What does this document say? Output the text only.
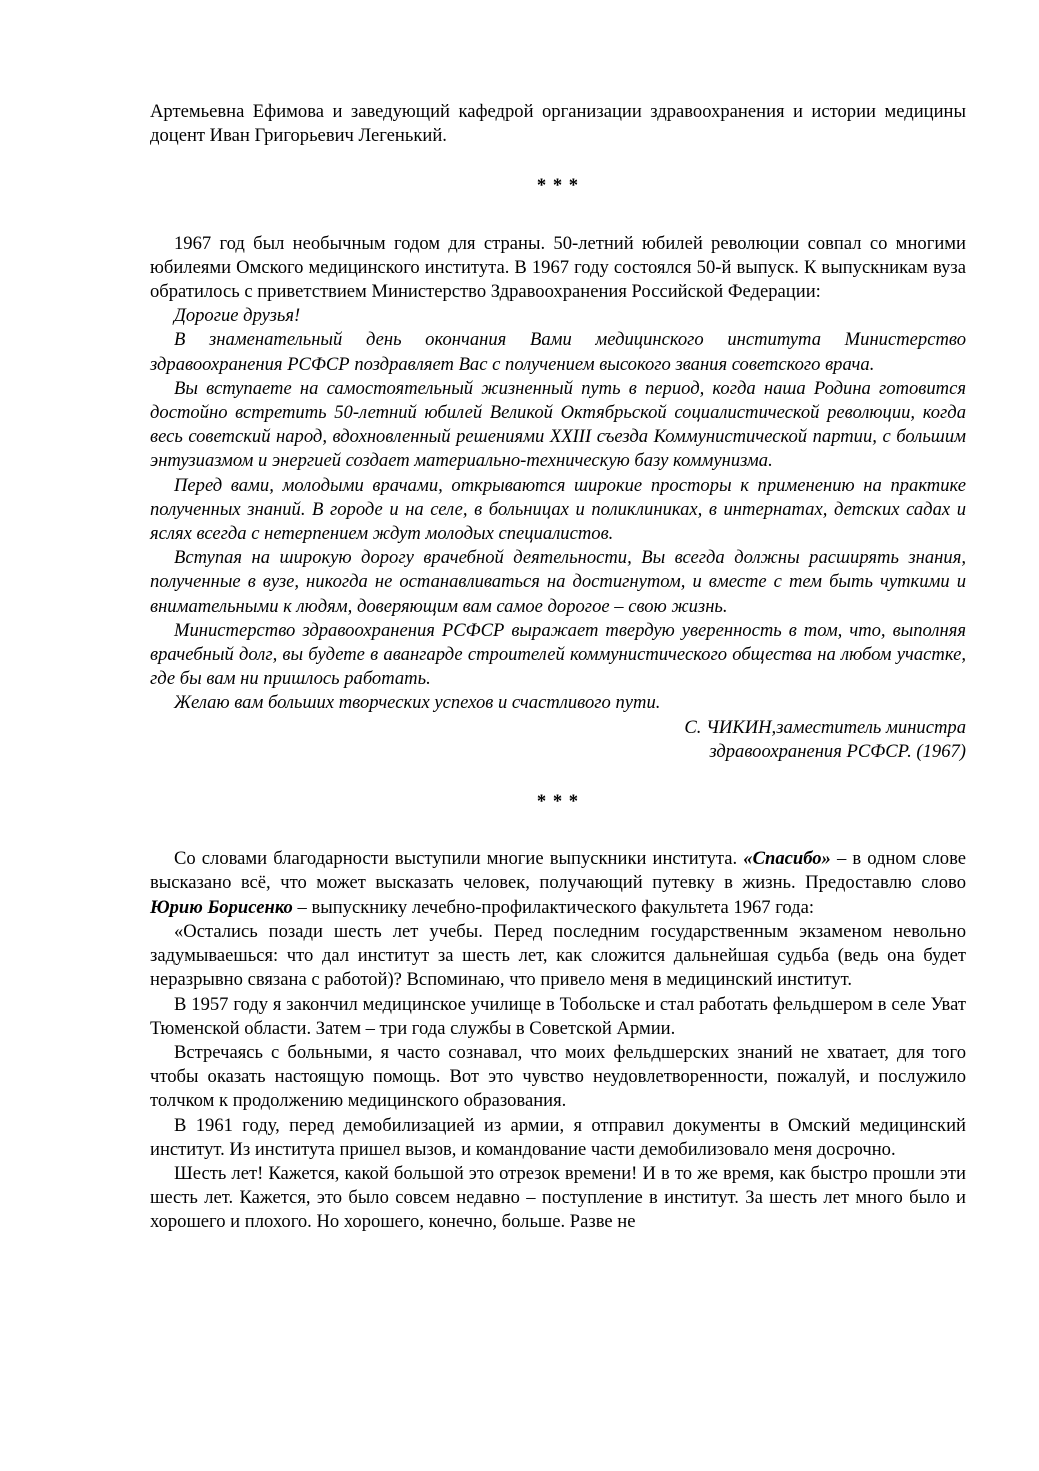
Артемьевна Ефимова и заведующий кафедрой организации здравоохранения и истории медицины доцент Иван Григорьевич Легенький.

* * *

1967 год был необычным годом для страны. 50-летний юбилей революции совпал со многими юбилеями Омского медицинского института. В 1967 году состоялся 50-й выпуск. К выпускникам вуза обратилось с приветствием Министерство Здравоохранения Российской Федерации:

Дорогие друзья!

В знаменательный день окончания Вами медицинского института Министерство здравоохранения РСФСР поздравляет Вас с получением высокого звания советского врача.

Вы вступаете на самостоятельный жизненный путь в период, когда наша Родина готовится достойно встретить 50-летний юбилей Великой Октябрьской социалистической революции, когда весь советский народ, вдохновленный решениями XXIII съезда Коммунистической партии, с большим энтузиазмом и энергией создает материально-техническую базу коммунизма.

Перед вами, молодыми врачами, открываются широкие просторы к применению на практике полученных знаний. В городе и на селе, в больницах и поликлиниках, в интернатах, детских садах и яслях всегда с нетерпением ждут молодых специалистов.

Вступая на широкую дорогу врачебной деятельности, Вы всегда должны расширять знания, полученные в вузе, никогда не останавливаться на достигнутом, и вместе с тем быть чуткими и внимательными к людям, доверяющим вам самое дорогое – свою жизнь.

Министерство здравоохранения РСФСР выражает твердую уверенность в том, что, выполняя врачебный долг, вы будете в авангарде строителей коммунистического общества на любом участке, где бы вам ни пришлось работать.

Желаю вам больших творческих успехов и счастливого пути.

С. ЧИКИН,заместитель министра

здравоохранения РСФСР. (1967)

* * *

Со словами благодарности выступили многие выпускники института. «Спасибо» – в одном слове высказано всё, что может высказать человек, получающий путевку в жизнь. Предоставлю слово Юрию Борисенко – выпускнику лечебно-профилактического факультета 1967 года:

«Остались позади шесть лет учебы. Перед последним государственным экзаменом невольно задумываешься: что дал институт за шесть лет, как сложится дальнейшая судьба (ведь она будет неразрывно связана с работой)? Вспоминаю, что привело меня в медицинский институт.

В 1957 году я закончил медицинское училище в Тобольске и стал работать фельдшером в селе Уват Тюменской области. Затем – три года службы в Советской Армии.

Встречаясь с больными, я часто сознавал, что моих фельдшерских знаний не хватает, для того чтобы оказать настоящую помощь. Вот это чувство неудовлетворенности, пожалуй, и послужило толчком к продолжению медицинского образования.

В 1961 году, перед демобилизацией из армии, я отправил документы в Омский медицинский институт. Из института пришел вызов, и командование части демобилизовало меня досрочно.

Шесть лет! Кажется, какой большой это отрезок времени! И в то же время, как быстро прошли эти шесть лет. Кажется, это было совсем недавно – поступление в институт. За шесть лет много было и хорошего и плохого. Но хорошего, конечно, больше. Разве не
